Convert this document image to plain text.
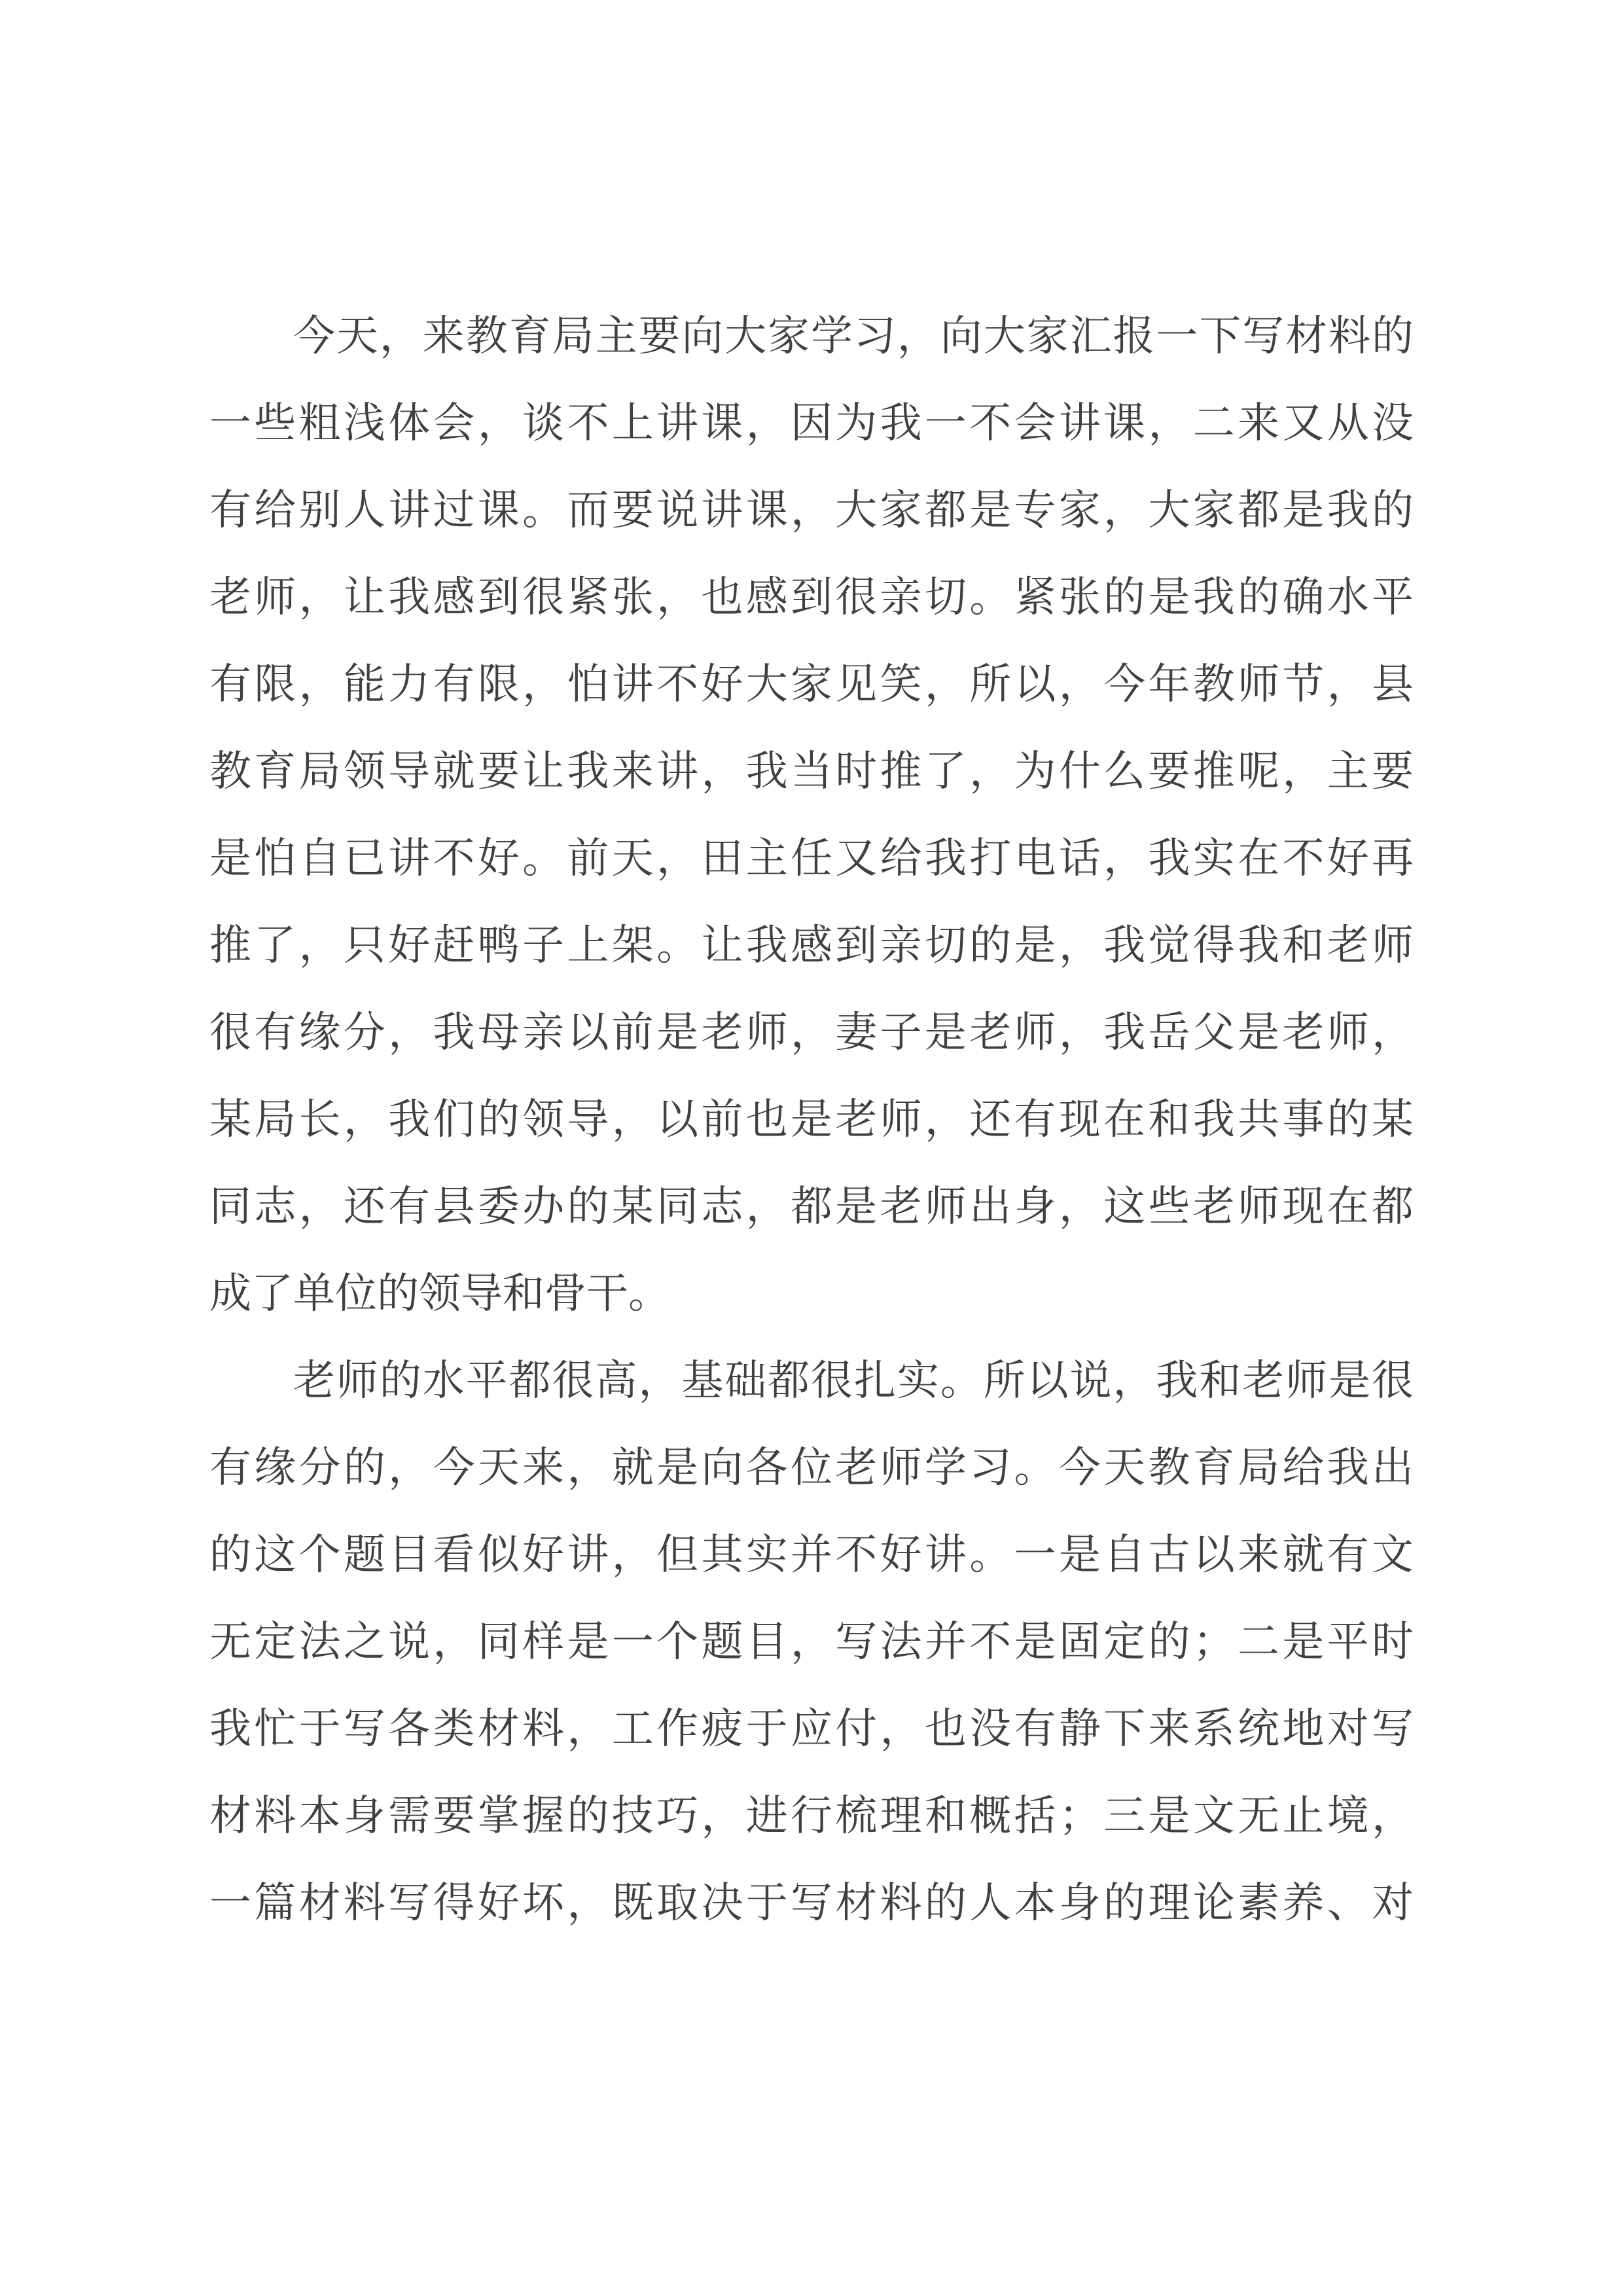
今天，来教育局主要向大家学习，向大家汇报一下写材料的
一些粗浅体会，谈不上讲课，因为我一不会讲课，二来又从没
有给别人讲过课。而要说讲课，大家都是专家，大家都是我的
老师，让我感到很紧张，也感到很亲切。紧张的是我的确水平
有限，能力有限，怕讲不好大家见笑，所以，今年教师节，县
教育局领导就要让我来讲，我当时推了，为什么要推呢，主要
是怕自已讲不好。前天，田主任又给我打电话，我实在不好再
推了，只好赶鸭子上架。让我感到亲切的是，我觉得我和老师
很有缘分，我母亲以前是老师，妻子是老师，我岳父是老师，
某局长，我们的领导，以前也是老师，还有现在和我共事的某
同志，还有县委办的某同志，都是老师出身，这些老师现在都
成了单位的领导和骨干。
老师的水平都很高，基础都很扎实。所以说，我和老师是很
有缘分的，今天来，就是向各位老师学习。今天教育局给我出
的这个题目看似好讲，但其实并不好讲。一是自古以来就有文
无定法之说，同样是一个题目，写法并不是固定的；二是平时
我忙于写各类材料，工作疲于应付，也没有静下来系统地对写
材料本身需要掌握的技巧，进行梳理和概括；三是文无止境，
一篇材料写得好坏，既取决于写材料的人本身的理论素养、对
